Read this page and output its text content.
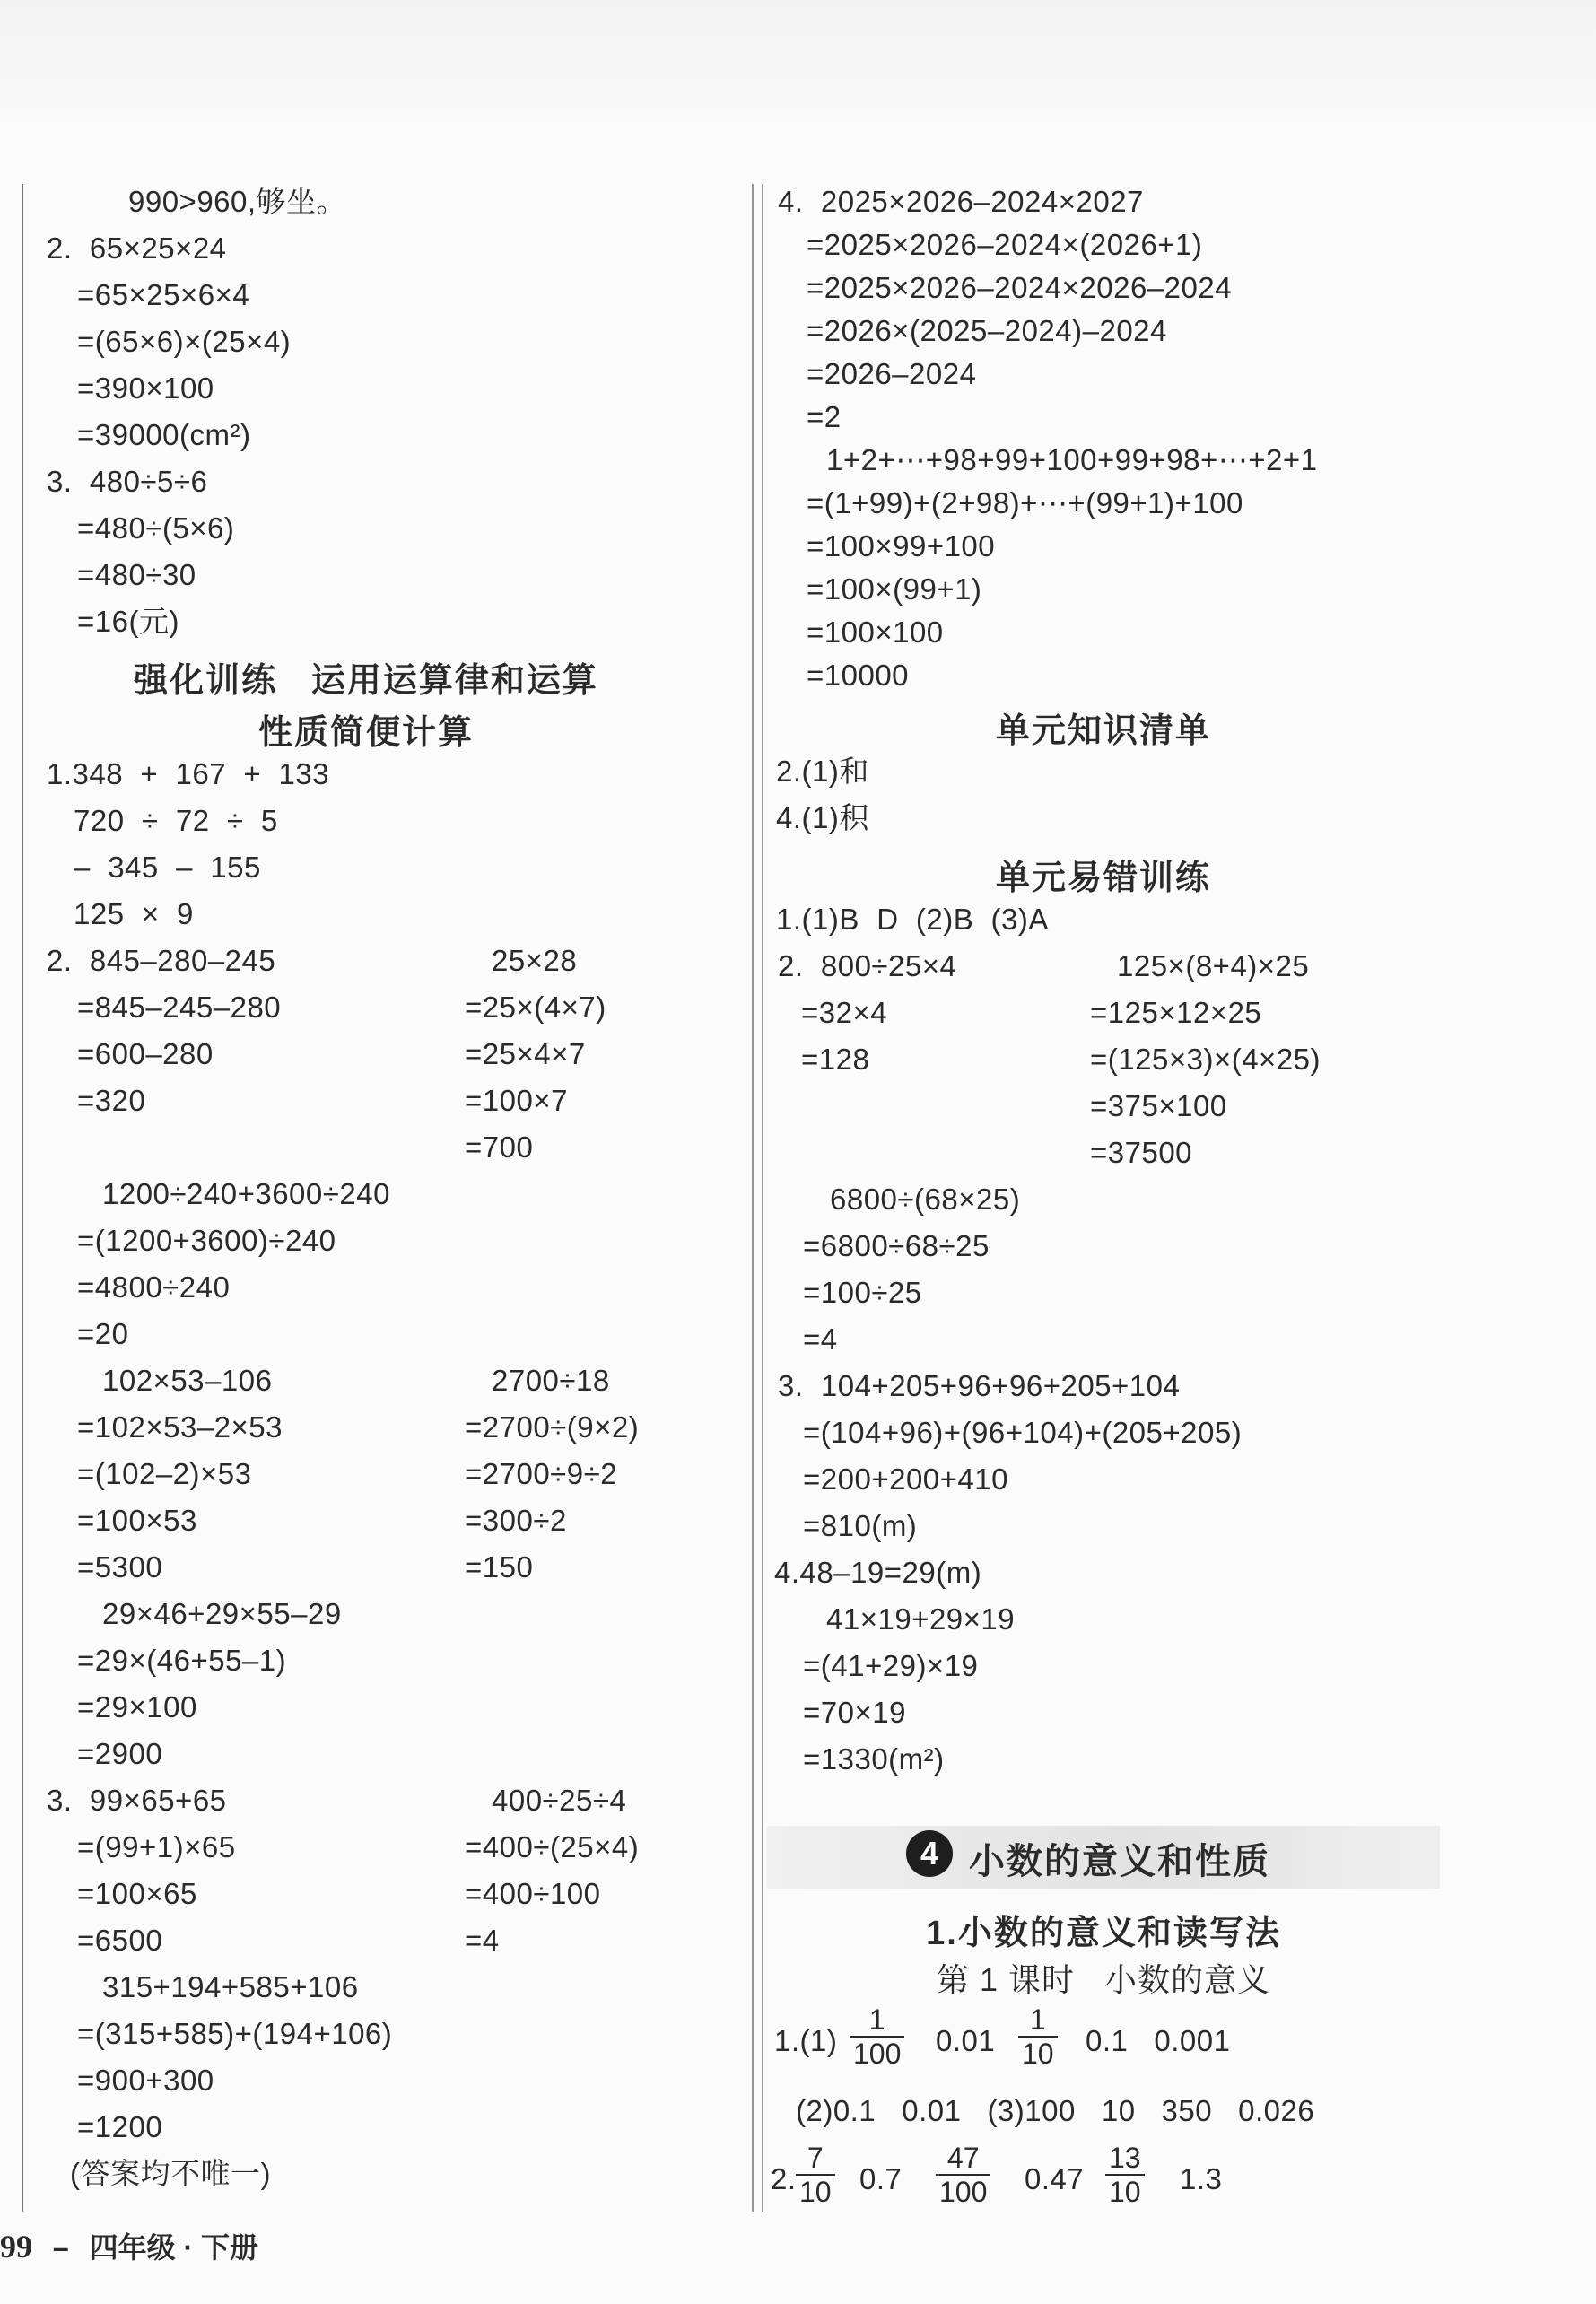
990>960,够坐。
2.  65×25×24
=65×25×6×4
=(65×6)×(25×4)
=390×100
=39000(cm²)
3.  480÷5÷6
=480÷(5×6)
=480÷30
=16(元)
强化训练   运用运算律和运算
性质简便计算
1.348  +  167  +  133
720  ÷  72  ÷  5
–  345  –  155
125  ×  9
2.  845–280–245
=845–245–280
=600–280
=320
1200÷240+3600÷240
=(1200+3600)÷240
=4800÷240
=20
102×53–106
=102×53–2×53
=(102–2)×53
=100×53
=5300
29×46+29×55–29
=29×(46+55–1)
=29×100
=2900
3.  99×65+65
=(99+1)×65
=100×65
=6500
315+194+585+106
=(315+585)+(194+106)
=900+300
=1200
(答案均不唯一)
25×28
=25×(4×7)
=25×4×7
=100×7
=700
2700÷18
=2700÷(9×2)
=2700÷9÷2
=300÷2
=150
400÷25÷4
=400÷(25×4)
=400÷100
=4
4.  2025×2026–2024×2027
=2025×2026–2024×(2026+1)
=2025×2026–2024×2026–2024
=2026×(2025–2024)–2024
=2026–2024
=2
1+2+⋯+98+99+100+99+98+⋯+2+1
=(1+99)+(2+98)+⋯+(99+1)+100
=100×99+100
=100×(99+1)
=100×100
=10000
单元知识清单
2.(1)和
4.(1)积
单元易错训练
1.(1)B  D  (2)B  (3)A
2.  800÷25×4
=32×4
=128
6800÷(68×25)
=6800÷68÷25
=100÷25
=4
3.  104+205+96+96+205+104
=(104+96)+(96+104)+(205+205)
=200+200+410
=810(m)
4.48–19=29(m)
41×19+29×19
=(41+29)×19
=70×19
=1330(m²)
125×(8+4)×25
=125×12×25
=(125×3)×(4×25)
=375×100
=37500
4 小数的意义和性质
1.小数的意义和读写法
第 1 课时   小数的意义
$1.(1) \frac{1}{100} 0.01 \frac{1}{10} 0.1$   0.001
(2)0.1   0.01   (3)100   10   350   0.026
2. $\frac{7}{10} 0.7 \frac{47}{100} 0.47 \frac{13}{10} 1.3$
99 – 四年级 · 下册
